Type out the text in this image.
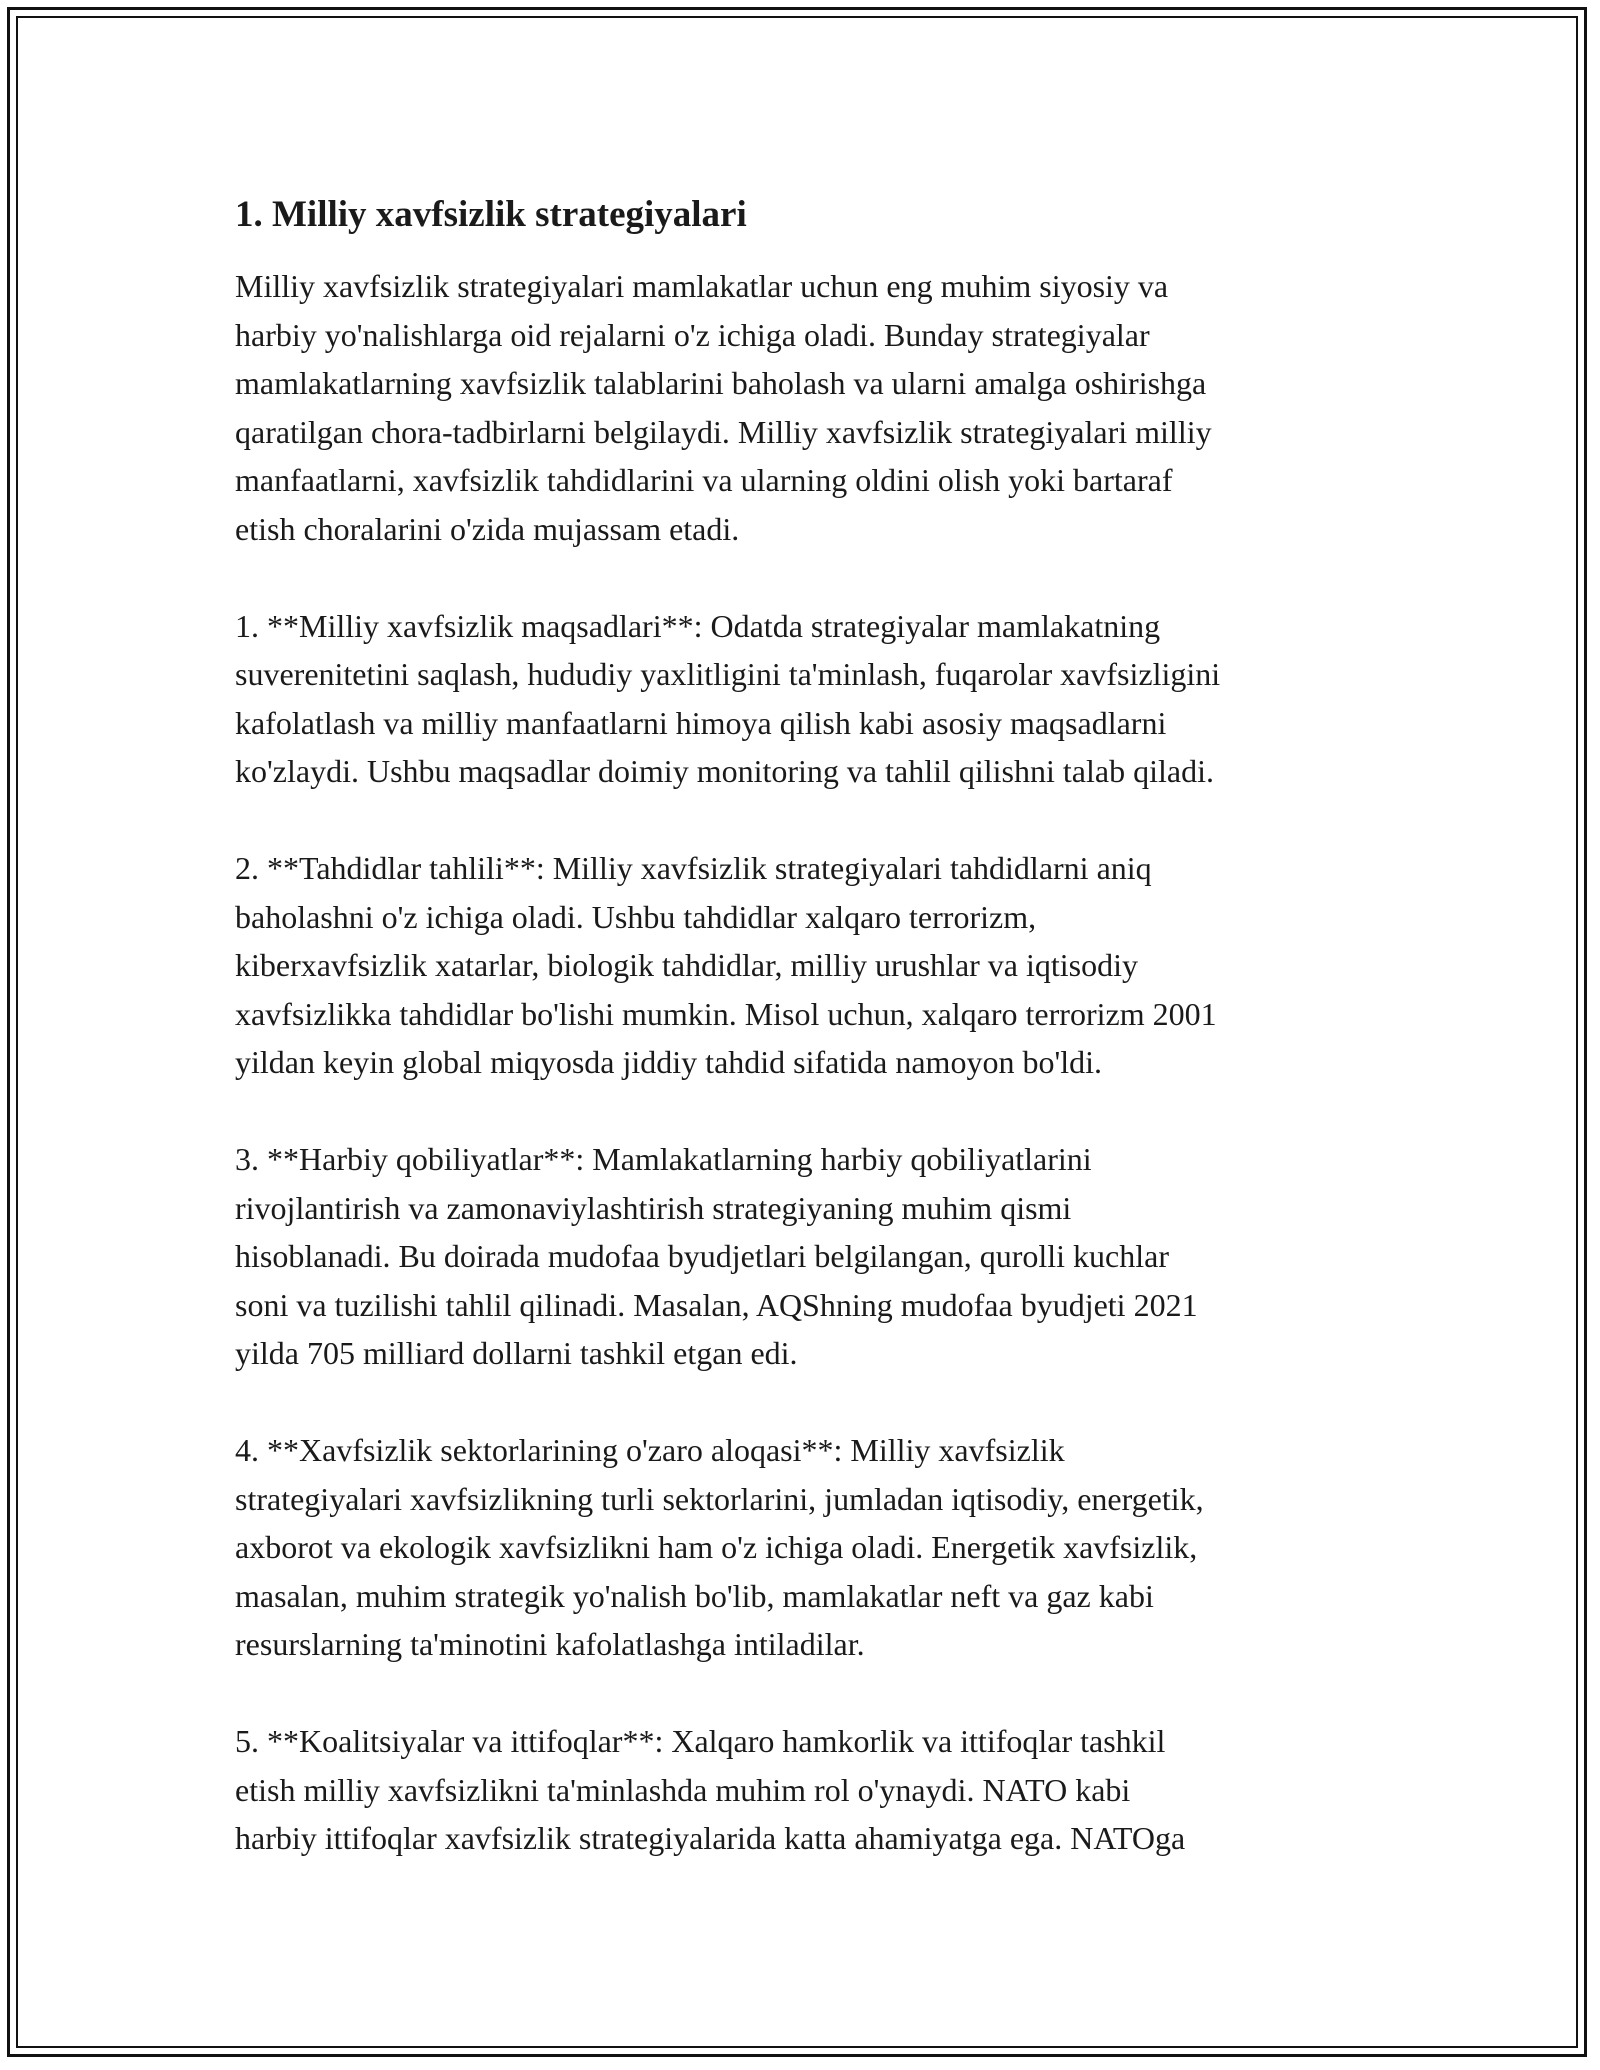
1. Milliy xavfsizlik strategiyalari

Milliy xavfsizlik strategiyalari mamlakatlar uchun eng muhim siyosiy va
harbiy yo'nalishlarga oid rejalarni o'z ichiga oladi. Bunday strategiyalar
mamlakatlarning xavfsizlik talablarini baholash va ularni amalga oshirishga
qaratilgan chora-tadbirlarni belgilaydi. Milliy xavfsizlik strategiyalari milliy
manfaatlarni, xavfsizlik tahdidlarini va ularning oldini olish yoki bartaraf
etish choralarini o'zida mujassam etadi.

1. **Milliy xavfsizlik maqsadlari**: Odatda strategiyalar mamlakatning
suverenitetini saqlash, hududiy yaxlitligini ta'minlash, fuqarolar xavfsizligini
kafolatlash va milliy manfaatlarni himoya qilish kabi asosiy maqsadlarni
ko'zlaydi. Ushbu maqsadlar doimiy monitoring va tahlil qilishni talab qiladi.

2. **Tahdidlar tahlili**: Milliy xavfsizlik strategiyalari tahdidlarni aniq
baholashni o'z ichiga oladi. Ushbu tahdidlar xalqaro terrorizm,
kiberxavfsizlik xatarlar, biologik tahdidlar, milliy urushlar va iqtisodiy
xavfsizlikka tahdidlar bo'lishi mumkin. Misol uchun, xalqaro terrorizm 2001
yildan keyin global miqyosda jiddiy tahdid sifatida namoyon bo'ldi.

3. **Harbiy qobiliyatlar**: Mamlakatlarning harbiy qobiliyatlarini
rivojlantirish va zamonaviylashtirish strategiyaning muhim qismi
hisoblanadi. Bu doirada mudofaa byudjetlari belgilangan, qurolli kuchlar
soni va tuzilishi tahlil qilinadi. Masalan, AQShning mudofaa byudjeti 2021
yilda 705 milliard dollarni tashkil etgan edi.

4. **Xavfsizlik sektorlarining o'zaro aloqasi**: Milliy xavfsizlik
strategiyalari xavfsizlikning turli sektorlarini, jumladan iqtisodiy, energetik,
axborot va ekologik xavfsizlikni ham o'z ichiga oladi. Energetik xavfsizlik,
masalan, muhim strategik yo'nalish bo'lib, mamlakatlar neft va gaz kabi
resurslarning ta'minotini kafolatlashga intiladilar.

5. **Koalitsiyalar va ittifoqlar**: Xalqaro hamkorlik va ittifoqlar tashkil
etish milliy xavfsizlikni ta'minlashda muhim rol o'ynaydi. NATO kabi
harbiy ittifoqlar xavfsizlik strategiyalarida katta ahamiyatga ega. NATOga
